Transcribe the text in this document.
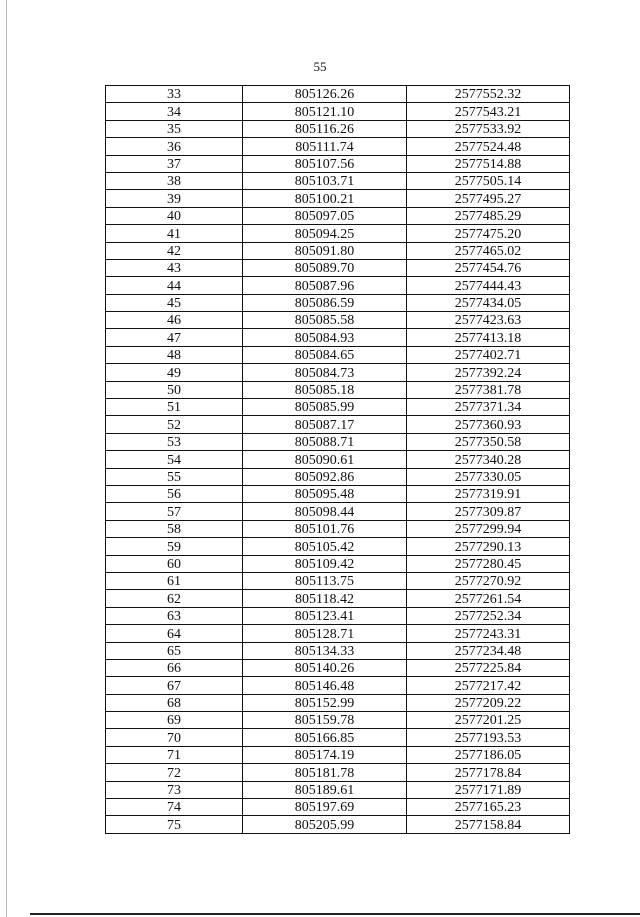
55
33	805126.26	2577552.32
34	805121.10	2577543.21
35	805116.26	2577533.92
36	805111.74	2577524.48
37	805107.56	2577514.88
38	805103.71	2577505.14
39	805100.21	2577495.27
40	805097.05	2577485.29
41	805094.25	2577475.20
42	805091.80	2577465.02
43	805089.70	2577454.76
44	805087.96	2577444.43
45	805086.59	2577434.05
46	805085.58	2577423.63
47	805084.93	2577413.18
48	805084.65	2577402.71
49	805084.73	2577392.24
50	805085.18	2577381.78
51	805085.99	2577371.34
52	805087.17	2577360.93
53	805088.71	2577350.58
54	805090.61	2577340.28
55	805092.86	2577330.05
56	805095.48	2577319.91
57	805098.44	2577309.87
58	805101.76	2577299.94
59	805105.42	2577290.13
60	805109.42	2577280.45
61	805113.75	2577270.92
62	805118.42	2577261.54
63	805123.41	2577252.34
64	805128.71	2577243.31
65	805134.33	2577234.48
66	805140.26	2577225.84
67	805146.48	2577217.42
68	805152.99	2577209.22
69	805159.78	2577201.25
70	805166.85	2577193.53
71	805174.19	2577186.05
72	805181.78	2577178.84
73	805189.61	2577171.89
74	805197.69	2577165.23
75	805205.99	2577158.84
